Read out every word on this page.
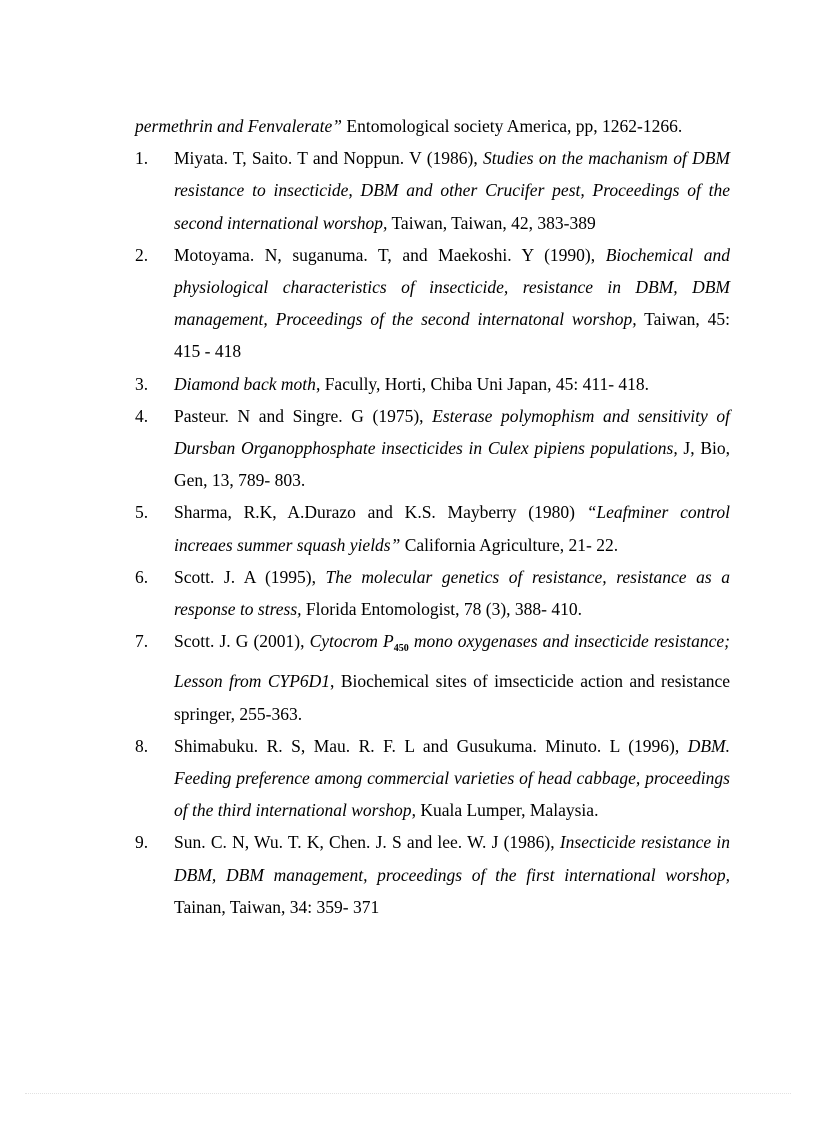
permethrin and Fenvalerate” Entomological society America, pp, 1262-1266.

1. Miyata. T, Saito. T and Noppun. V (1986), Studies on the machanism of DBM resistance to insecticide, DBM and other Crucifer pest, Proceedings of the second international worshop, Taiwan, Taiwan, 42, 383-389
2. Motoyama. N, suganuma. T, and Maekoshi. Y (1990), Biochemical and physiological characteristics of insecticide, resistance in DBM, DBM management, Proceedings of the second internatonal worshop, Taiwan, 45: 415 - 418
3. Diamond back moth, Facully, Horti, Chiba Uni Japan, 45: 411- 418.
4. Pasteur. N and Singre. G (1975), Esterase polymophism and sensitivity of Dursban Organopphosphate insecticides in Culex pipiens populations, J, Bio, Gen, 13, 789- 803.
5. Sharma, R.K, A.Durazo and K.S. Mayberry (1980) “Leafminer control increaes summer squash yields” California Agriculture, 21- 22.
6. Scott. J. A (1995), The molecular genetics of resistance, resistance as a response to stress, Florida Entomologist, 78 (3), 388- 410.
7. Scott. J. G (2001), Cytocrom $P_{450}$ mono oxygenases and insecticide resistance; Lesson from CYP6D1, Biochemical sites of imsecticide action and resistance springer, 255-363.
8. Shimabuku. R. S, Mau. R. F. L and Gusukuma. Minuto. L (1996), DBM. Feeding preference among commercial varieties of head cabbage, proceedings of the third international worshop, Kuala Lumper, Malaysia.
9. Sun. C. N, Wu. T. K, Chen. J. S and lee. W. J (1986), Insecticide resistance in DBM, DBM management, proceedings of the first international worshop, Tainan, Taiwan, 34: 359- 371
